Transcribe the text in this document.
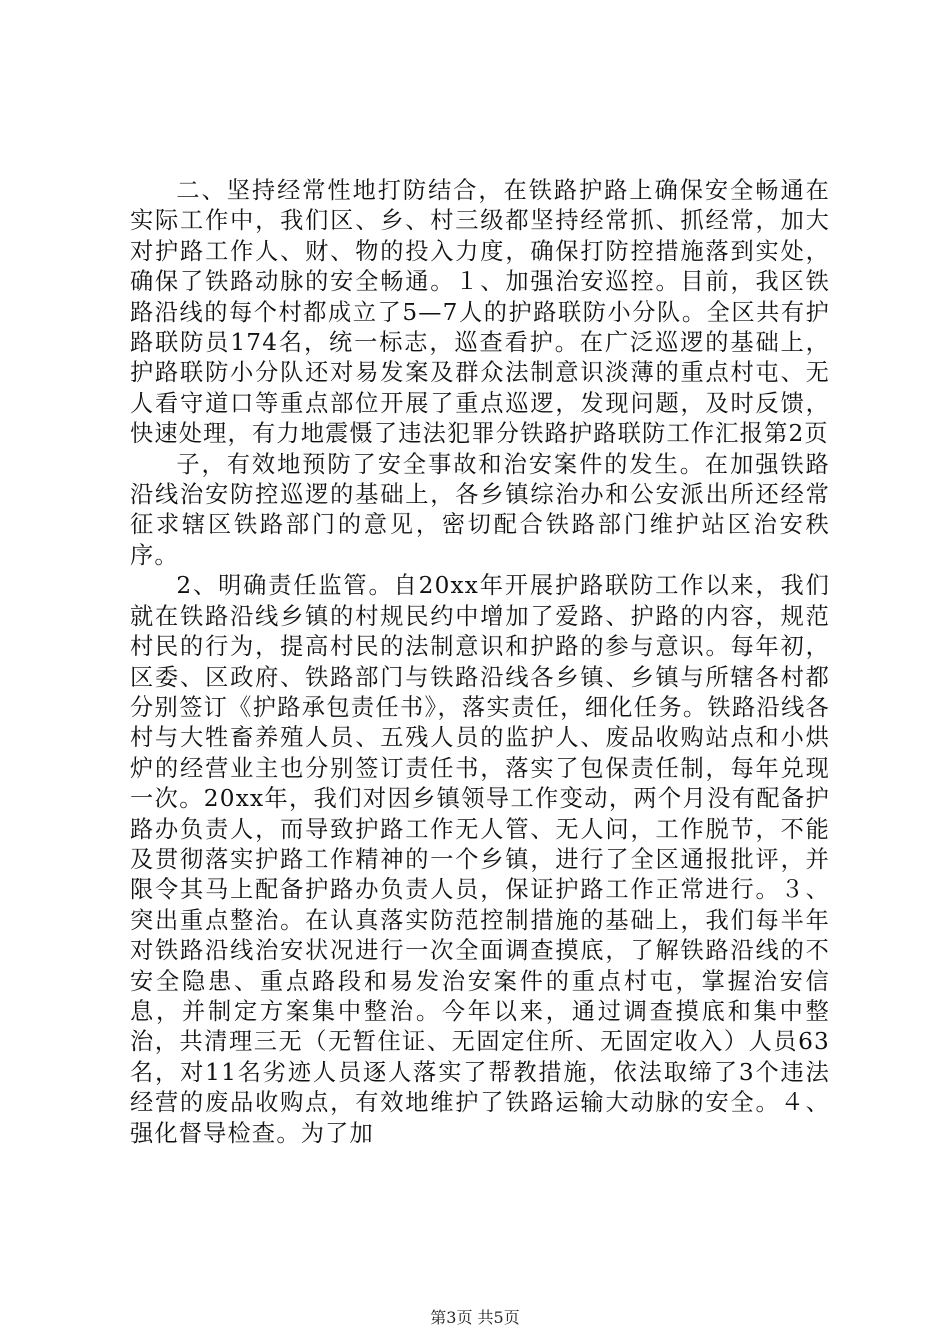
二、坚持经常性地打防结合，在铁路护路上确保安全畅通在实际工作中，我们区、乡、村三级都坚持经常抓、抓经常，加大对护路工作人、财、物的投入力度，确保打防控措施落到实处，确保了铁路动脉的安全畅通。１、加强治安巡控。目前，我区铁路沿线的每个村都成立了5—7人的护路联防小分队。全区共有护路联防员174名，统一标志，巡查看护。在广泛巡逻的基础上，护路联防小分队还对易发案及群众法制意识淡薄的重点村屯、无人看守道口等重点部位开展了重点巡逻，发现问题，及时反馈，快速处理，有力地震慑了违法犯罪分铁路护路联防工作汇报第2页

子，有效地预防了安全事故和治安案件的发生。在加强铁路沿线治安防控巡逻的基础上，各乡镇综治办和公安派出所还经常征求辖区铁路部门的意见，密切配合铁路部门维护站区治安秩序。

2、明确责任监管。自20xx年开展护路联防工作以来，我们就在铁路沿线乡镇的村规民约中增加了爱路、护路的内容，规范村民的行为，提高村民的法制意识和护路的参与意识。每年初，区委、区政府、铁路部门与铁路沿线各乡镇、乡镇与所辖各村都分别签订《护路承包责任书》，落实责任，细化任务。铁路沿线各村与大牲畜养殖人员、五残人员的监护人、废品收购站点和小烘炉的经营业主也分别签订责任书，落实了包保责任制，每年兑现一次。20xx年，我们对因乡镇领导工作变动，两个月没有配备护路办负责人，而导致护路工作无人管、无人问，工作脱节，不能及贯彻落实护路工作精神的一个乡镇，进行了全区通报批评，并限令其马上配备护路办负责人员，保证护路工作正常进行。３、突出重点整治。在认真落实防范控制措施的基础上，我们每半年对铁路沿线治安状况进行一次全面调查摸底，了解铁路沿线的不安全隐患、重点路段和易发治安案件的重点村屯，掌握治安信息，并制定方案集中整治。今年以来，通过调查摸底和集中整治，共清理三无（无暂住证、无固定住所、无固定收入）人员63名，对11名劣迹人员逐人落实了帮教措施，依法取缔了3个违法经营的废品收购点，有效地维护了铁路运输大动脉的安全。４、强化督导检查。为了加

第3页 共5页
